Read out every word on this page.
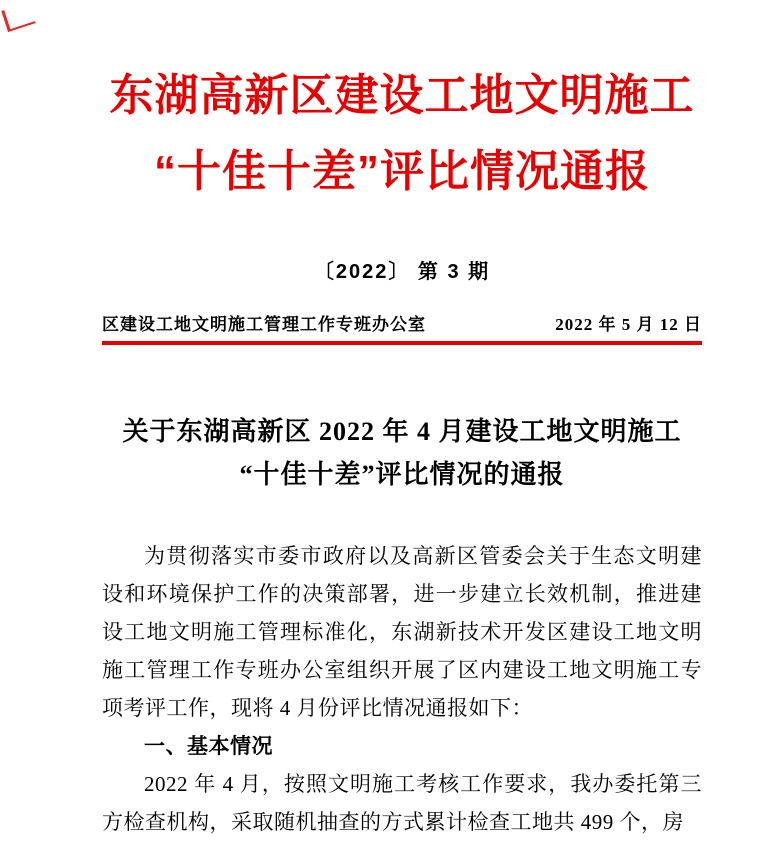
东湖高新区建设工地文明施工
“十佳十差”评比情况通报
〔2022〕 第 3 期
区建设工地文明施工管理工作专班办公室	2022 年 5 月 12 日
关于东湖高新区 2022 年 4 月建设工地文明施工
“十佳十差”评比情况的通报

为贯彻落实市委市政府以及高新区管委会关于生态文明建设和环境保护工作的决策部署，进一步建立长效机制，推进建设工地文明施工管理标准化，东湖新技术开发区建设工地文明施工管理工作专班办公室组织开展了区内建设工地文明施工专项考评工作，现将 4 月份评比情况通报如下：

一、基本情况

2022 年 4 月，按照文明施工考核工作要求，我办委托第三方检查机构，采取随机抽查的方式累计检查工地共 499 个，房
